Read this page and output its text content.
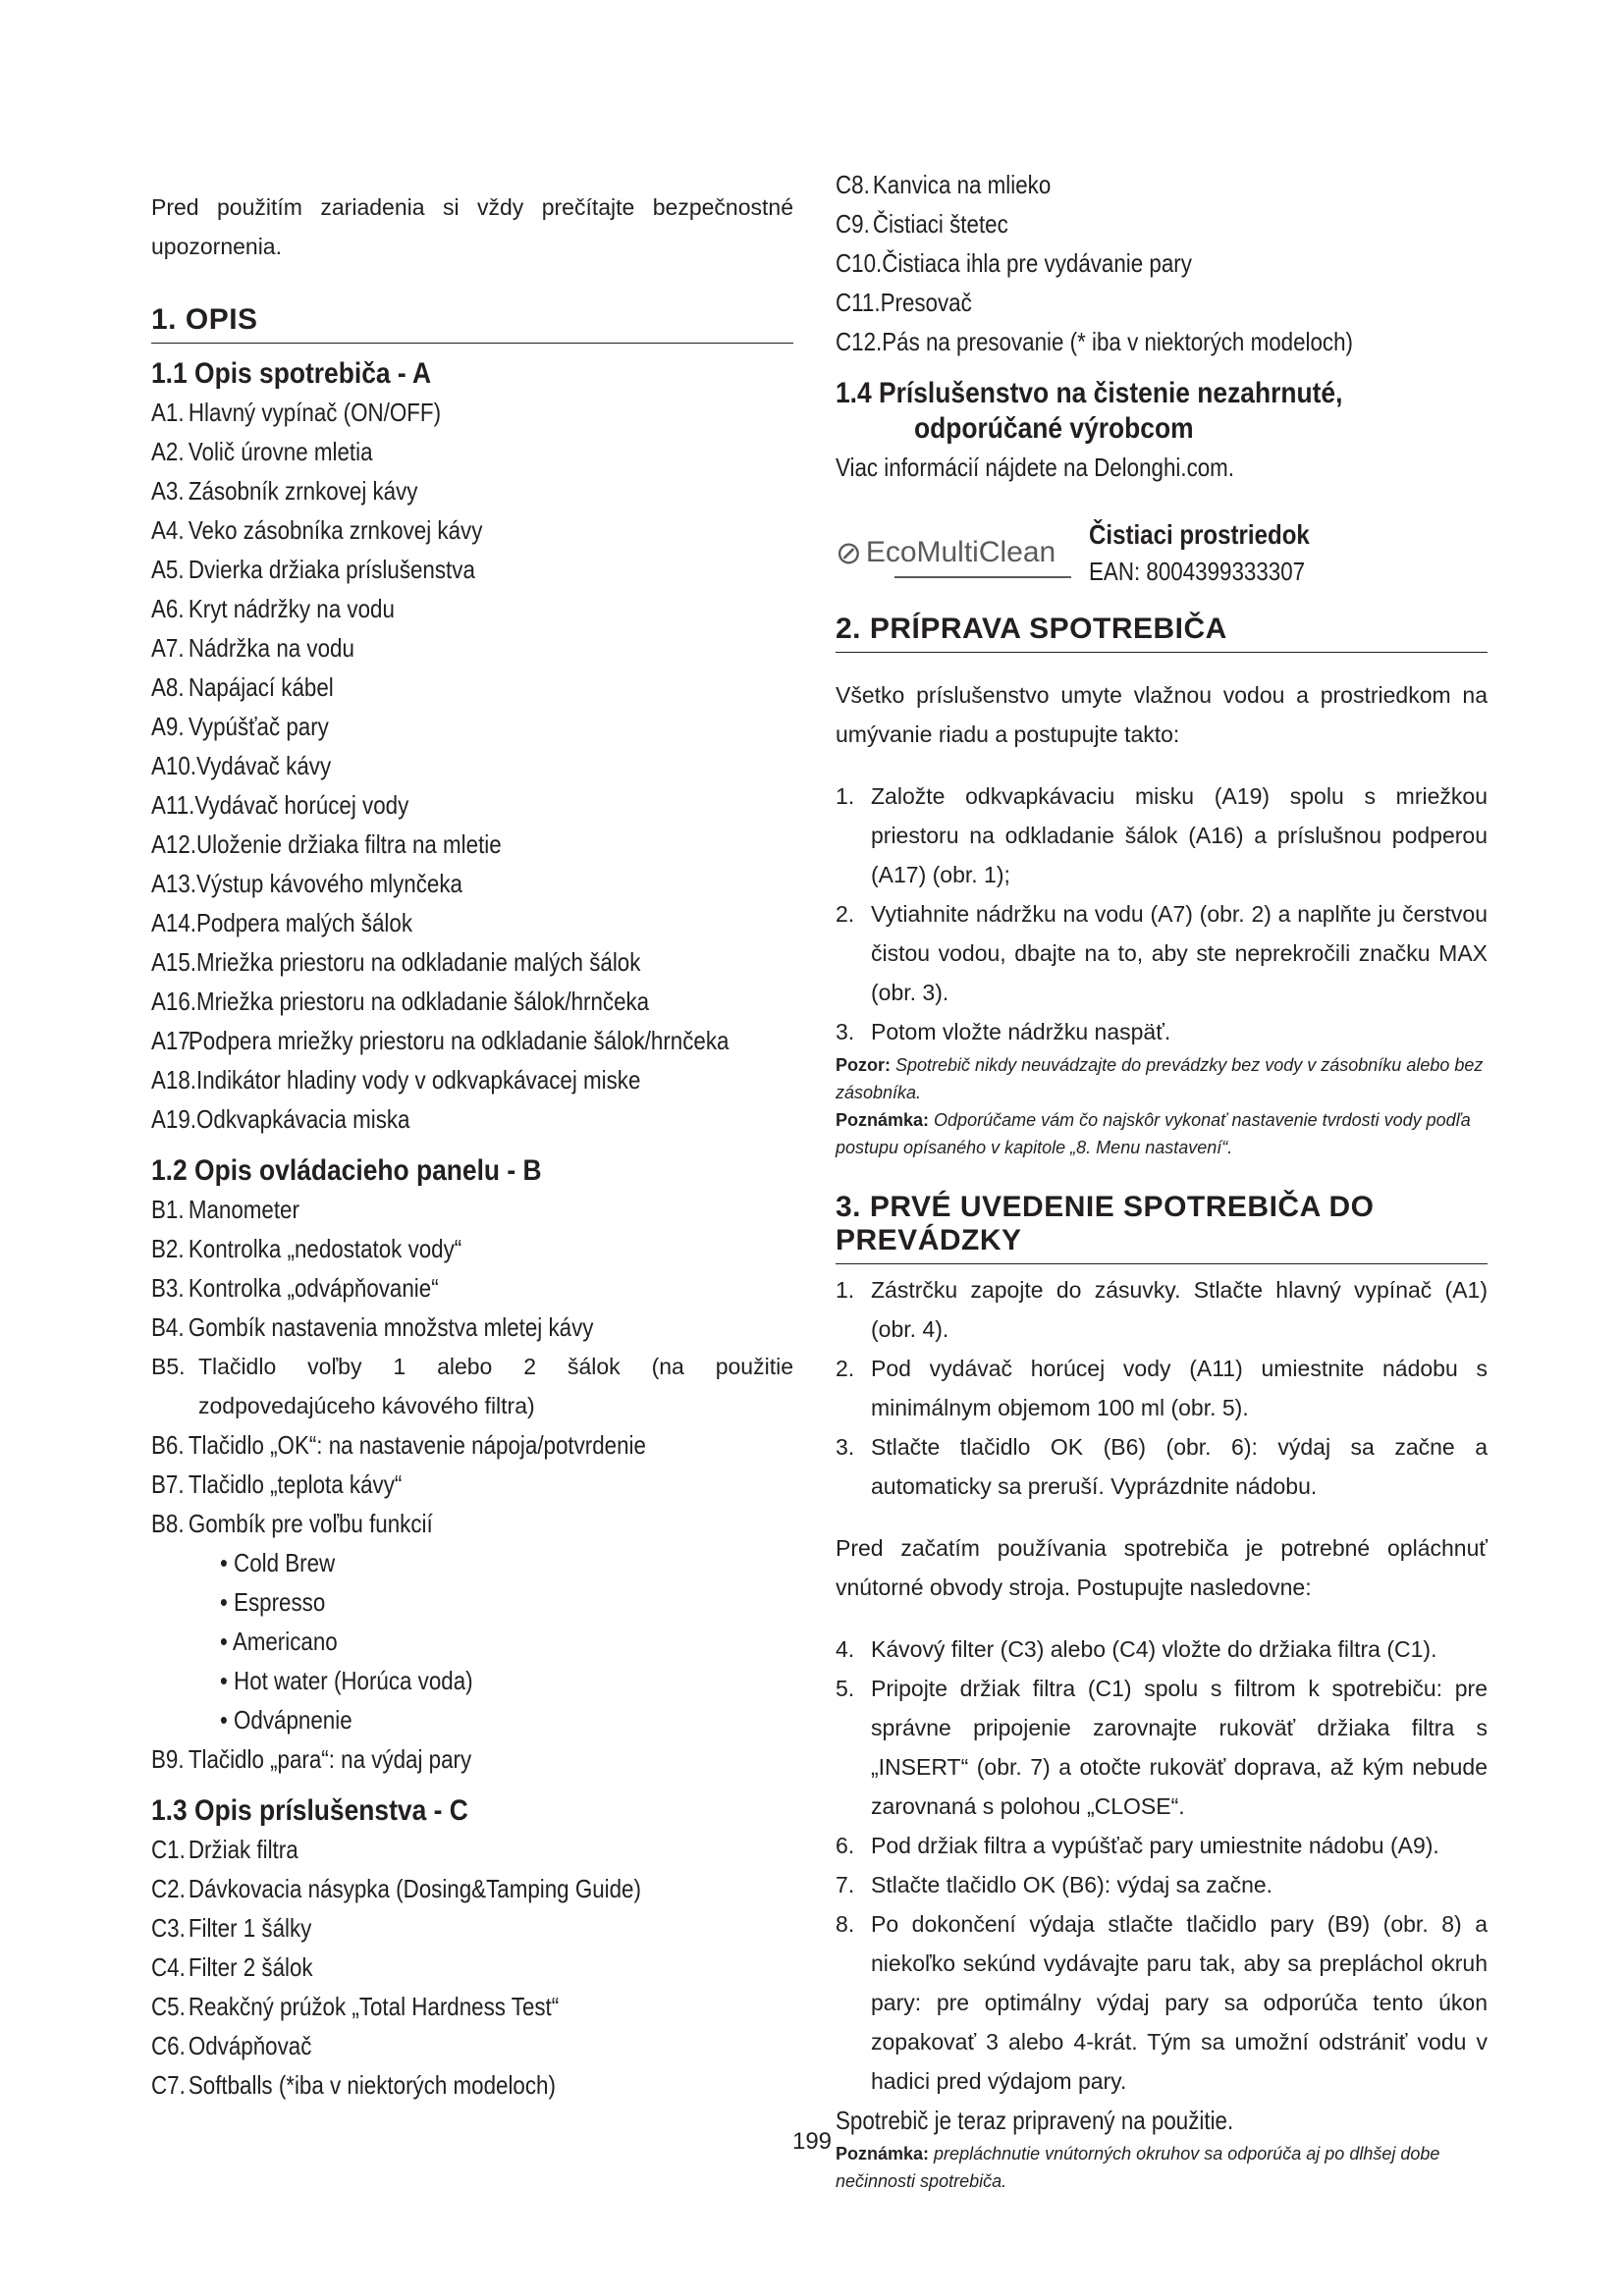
Pred použitím zariadenia si vždy prečítajte bezpečnostné upozornenia.

1. OPIS
1.1 Opis spotrebiča - A

A1. Hlavný vypínač (ON/OFF)

A2. Volič úrovne mletia

A3. Zásobník zrnkovej kávy

A4. Veko zásobníka zrnkovej kávy

A5. Dvierka držiaka príslušenstva

A6. Kryt nádržky na vodu

A7. Nádržka na vodu

A8. Napájací kábel

A9. Vypúšťač pary

A10. Vydávač kávy

A11. Vydávač horúcej vody

A12. Uloženie držiaka filtra na mletie

A13. Výstup kávového mlynčeka

A14. Podpera malých šálok

A15. Mriežka priestoru na odkladanie malých šálok

A16. Mriežka priestoru na odkladanie šálok/hrnčeka

A17.
Podpera mriežky priestoru na odkladanie šálok/hrnčeka

A18. Indikátor hladiny vody v odkvapkávacej miske

A19. Odkvapkávacia miska

1.2 Opis ovládacieho panelu - B

B1. Manometer

B2. Kontrolka „nedostatok vody“

B3. Kontrolka „odvápňovanie“

B4. Gombík nastavenia množstva mletej kávy

B5. Tlačidlo voľby 1 alebo 2 šálok (na použitie zodpovedajúceho kávového filtra)

B6. Tlačidlo „OK“: na nastavenie nápoja/potvrdenie

B7. Tlačidlo „teplota kávy“

B8. Gombík pre voľbu funkcií

• Cold Brew

• Espresso

• Americano

• Hot water (Horúca voda)

• Odvápnenie

B9. Tlačidlo „para“: na výdaj pary

1.3 Opis príslušenstva - C

C1. Držiak filtra

C2. Dávkovacia násypka (Dosing&Tamping Guide)

C3. Filter 1 šálky

C4. Filter 2 šálok

C5. Reakčný prúžok „Total Hardness Test“

C6. Odvápňovač

C7. Softballs (*iba v niektorých modeloch)

C8. Kanvica na mlieko

C9. Čistiaci štetec

C10. Čistiaca ihla pre vydávanie pary

C11. Presovač

C12. Pás na presovanie (* iba v niektorých modeloch)

1.4 Príslušenstvo na čistenie nezahrnuté,
odporúčané výrobcom

Viac informácií nájdete na Delonghi.com.

⊘ EcoMultiClean
Čistiaci prostriedok
EAN: 8004399333307
2. PRÍPRAVA SPOTREBIČA

Všetko príslušenstvo umyte vlažnou vodou a prostriedkom na umývanie riadu a postupujte takto:

1. Založte odkvapkávaciu misku (A19) spolu s mriežkou priestoru na odkladanie šálok (A16) a príslušnou podperou (A17) (obr. 1);
2. Vytiahnite nádržku na vodu (A7) (obr. 2) a naplňte ju čerstvou čistou vodou, dbajte na to, aby ste neprekročili značku MAX (obr. 3).
3. Potom vložte nádržku naspäť.

Pozor: Spotrebič nikdy neuvádzajte do prevádzky bez vody v zásobníku alebo bez zásobníka.

Poznámka: Odporúčame vám čo najskôr vykonať nastavenie tvrdosti vody podľa postupu opísaného v kapitole „8. Menu nastavení“.

3. PRVÉ UVEDENIE SPOTREBIČA DO PREVÁDZKY
1. Zástrčku zapojte do zásuvky. Stlačte hlavný vypínač (A1) (obr. 4).
2. Pod vydávač horúcej vody (A11) umiestnite nádobu s minimálnym objemom 100 ml (obr. 5).
3. Stlačte tlačidlo OK (B6) (obr. 6): výdaj sa začne a automaticky sa preruší. Vyprázdnite nádobu.

Pred začatím používania spotrebiča je potrebné opláchnuť vnútorné obvody stroja. Postupujte nasledovne:

4. Kávový filter (C3) alebo (C4) vložte do držiaka filtra (C1).
5. Pripojte držiak filtra (C1) spolu s filtrom k spotrebiču: pre správne pripojenie zarovnajte rukoväť držiaka filtra s „INSERT“ (obr. 7) a otočte rukoväť doprava, až kým nebude zarovnaná s polohou „CLOSE“.
6. Pod držiak filtra a vypúšťač pary umiestnite nádobu (A9).
7. Stlačte tlačidlo OK (B6): výdaj sa začne.
8. Po dokončení výdaja stlačte tlačidlo pary (B9) (obr. 8) a niekoľko sekúnd vydávajte paru tak, aby sa prepláchol okruh pary: pre optimálny výdaj pary sa odporúča tento úkon zopakovať 3 alebo 4-krát. Tým sa umožní odstrániť vodu v hadici pred výdajom pary.

Spotrebič je teraz pripravený na použitie.

Poznámka: prepláchnutie vnútorných okruhov sa odporúča aj po dlhšej dobe nečinnosti spotrebiča.

199
